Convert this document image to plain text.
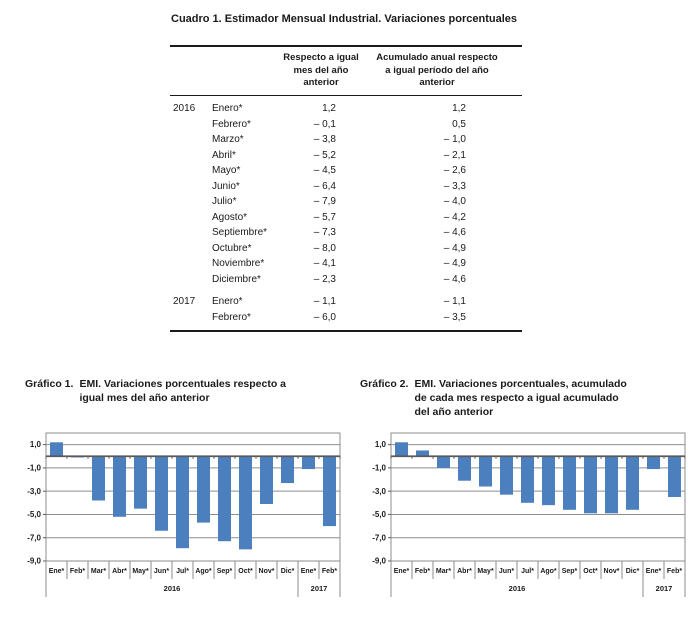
Cuadro 1. Estimador Mensual Industrial. Variaciones porcentuales
Respecto a igual mes del año anterior
Acumulado anual respecto a igual período del año anterior
2016	Enero*	1,2	1,2
Febrero*	– 0,1	0,5
Marzo*	– 3,8	– 1,0
Abril*	– 5,2	– 2,1
Mayo*	– 4,5	– 2,6
Junio*	– 6,4	– 3,3
Julio*	– 7,9	– 4,0
Agosto*	– 5,7	– 4,2
Septiembre*	– 7,3	– 4,6
Octubre*	– 8,0	– 4,9
Noviembre*	– 4,1	– 4,9
Diciembre*	– 2,3	– 4,6
2017	Enero*	– 1,1	– 1,1
Febrero*	– 6,0	– 3,5
Gráfico 1. EMI. Variaciones porcentuales respecto a
igual mes del año anterior
Gráfico 2. EMI. Variaciones porcentuales, acumulado
de cada mes respecto a igual acumulado
del año anterior
1,0
-1,0
-3,0
-5,0
-7,0
-9,0
Ene* Feb* Mar* Abr* May* Jun* Jul* Ago* Sep* Oct* Nov* Dic* Ene* Feb*
2016	2017
1,0
-1,0
-3,0
-5,0
-7,0
-9,0
Ene* Feb* Mar* Abr* May* Jun* Jul* Ago* Sep* Oct* Nov* Dic* Ene* Feb*
2016	2017
